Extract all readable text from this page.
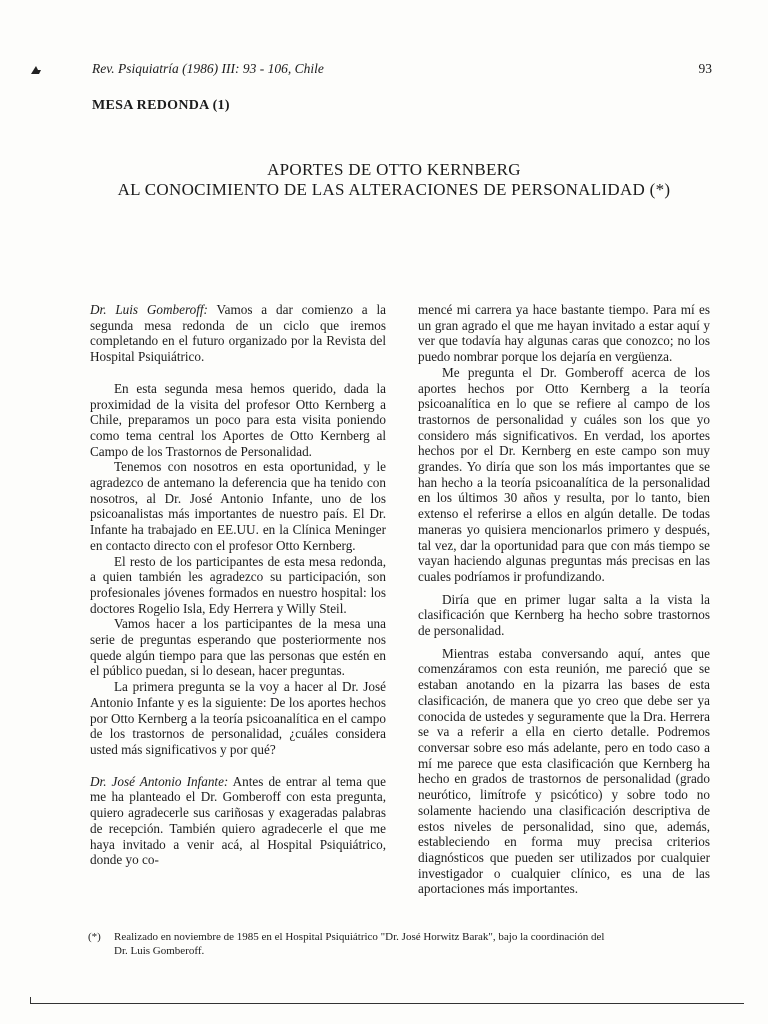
Rev. Psiquiatría (1986) III: 93 - 106, Chile	93
MESA REDONDA (1)
APORTES DE OTTO KERNBERG
AL CONOCIMIENTO DE LAS ALTERACIONES DE PERSONALIDAD (*)

Dr. Luis Gomberoff: Vamos a dar comienzo a la segunda mesa redonda de un ciclo que iremos completando en el futuro organizado por la Revista del Hospital Psiquiátrico.

En esta segunda mesa hemos querido, dada la proximidad de la visita del profesor Otto Kernberg a Chile, preparamos un poco para esta visita poniendo como tema central los Aportes de Otto Kernberg al Campo de los Trastornos de Personalidad.

Tenemos con nosotros en esta oportunidad, y le agradezco de antemano la deferencia que ha tenido con nosotros, al Dr. José Antonio Infante, uno de los psicoanalistas más importantes de nuestro país. El Dr. Infante ha trabajado en EE.UU. en la Clínica Meninger en contacto directo con el profesor Otto Kernberg.

El resto de los participantes de esta mesa redonda, a quien también les agradezco su participación, son profesionales jóvenes formados en nuestro hospital: los doctores Rogelio Isla, Edy Herrera y Willy Steil.

Vamos hacer a los participantes de la mesa una serie de preguntas esperando que posteriormente nos quede algún tiempo para que las personas que estén en el público puedan, si lo desean, hacer preguntas.

La primera pregunta se la voy a hacer al Dr. José Antonio Infante y es la siguiente: De los aportes hechos por Otto Kernberg a la teoría psicoanalítica en el campo de los trastornos de personalidad, ¿cuáles considera usted más significativos y por qué?

Dr. José Antonio Infante: Antes de entrar al tema que me ha planteado el Dr. Gomberoff con esta pregunta, quiero agradecerle sus cariñosas y exageradas palabras de recepción. También quiero agradecerle el que me haya invitado a venir acá, al Hospital Psiquiátrico, donde yo co-

mencé mi carrera ya hace bastante tiempo. Para mí es un gran agrado el que me hayan invitado a estar aquí y ver que todavía hay algunas caras que conozco; no los puedo nombrar porque los dejaría en vergüenza.

Me pregunta el Dr. Gomberoff acerca de los aportes hechos por Otto Kernberg a la teoría psicoanalítica en lo que se refiere al campo de los trastornos de personalidad y cuáles son los que yo considero más significativos. En verdad, los aportes hechos por el Dr. Kernberg en este campo son muy grandes. Yo diría que son los más importantes que se han hecho a la teoría psicoanalítica de la personalidad en los últimos 30 años y resulta, por lo tanto, bien extenso el referirse a ellos en algún detalle. De todas maneras yo quisiera mencionarlos primero y después, tal vez, dar la oportunidad para que con más tiempo se vayan haciendo algunas preguntas más precisas en las cuales podríamos ir profundizando.

Diría que en primer lugar salta a la vista la clasificación que Kernberg ha hecho sobre trastornos de personalidad.

Mientras estaba conversando aquí, antes que comenzáramos con esta reunión, me pareció que se estaban anotando en la pizarra las bases de esta clasificación, de manera que yo creo que debe ser ya conocida de ustedes y seguramente que la Dra. Herrera se va a referir a ella en cierto detalle. Podremos conversar sobre eso más adelante, pero en todo caso a mí me parece que esta clasificación que Kernberg ha hecho en grados de trastornos de personalidad (grado neurótico, limítrofe y psicótico) y sobre todo no solamente haciendo una clasificación descriptiva de estos niveles de personalidad, sino que, además, estableciendo en forma muy precisa criterios diagnósticos que pueden ser utilizados por cualquier investigador o cualquier clínico, es una de las aportaciones más importantes.

(*)	Realizado en noviembre de 1985 en el Hospital Psiquiátrico "Dr. José Horwitz Barak", bajo la coordinación del
Dr. Luis Gomberoff.
